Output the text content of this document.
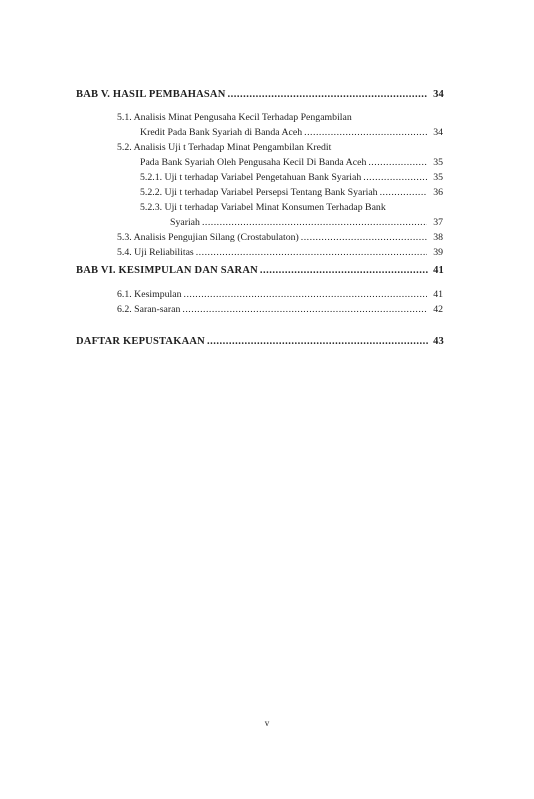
BAB V. HASIL PEMBAHASAN .....	34
5.1. Analisis Minat Pengusaha Kecil Terhadap Pengambilan
Kredit Pada Bank Syariah di Banda Aceh .....	34
5.2. Analisis Uji t Terhadap Minat Pengambilan Kredit
Pada Bank Syariah Oleh Pengusaha Kecil Di Banda Aceh .....	35
5.2.1. Uji t terhadap Variabel Pengetahuan Bank Syariah .....	35
5.2.2. Uji t terhadap Variabel Persepsi Tentang Bank Syariah .....	36
5.2.3. Uji t terhadap Variabel Minat Konsumen Terhadap Bank
Syariah .....	37
5.3. Analisis Pengujian Silang (Crostabulaton) .....	38
5.4. Uji Reliabilitas .....	39
BAB VI. KESIMPULAN DAN SARAN .....	41
6.1. Kesimpulan .....	41
6.2. Saran-saran .....	42
DAFTAR KEPUSTAKAAN .....	43
v
